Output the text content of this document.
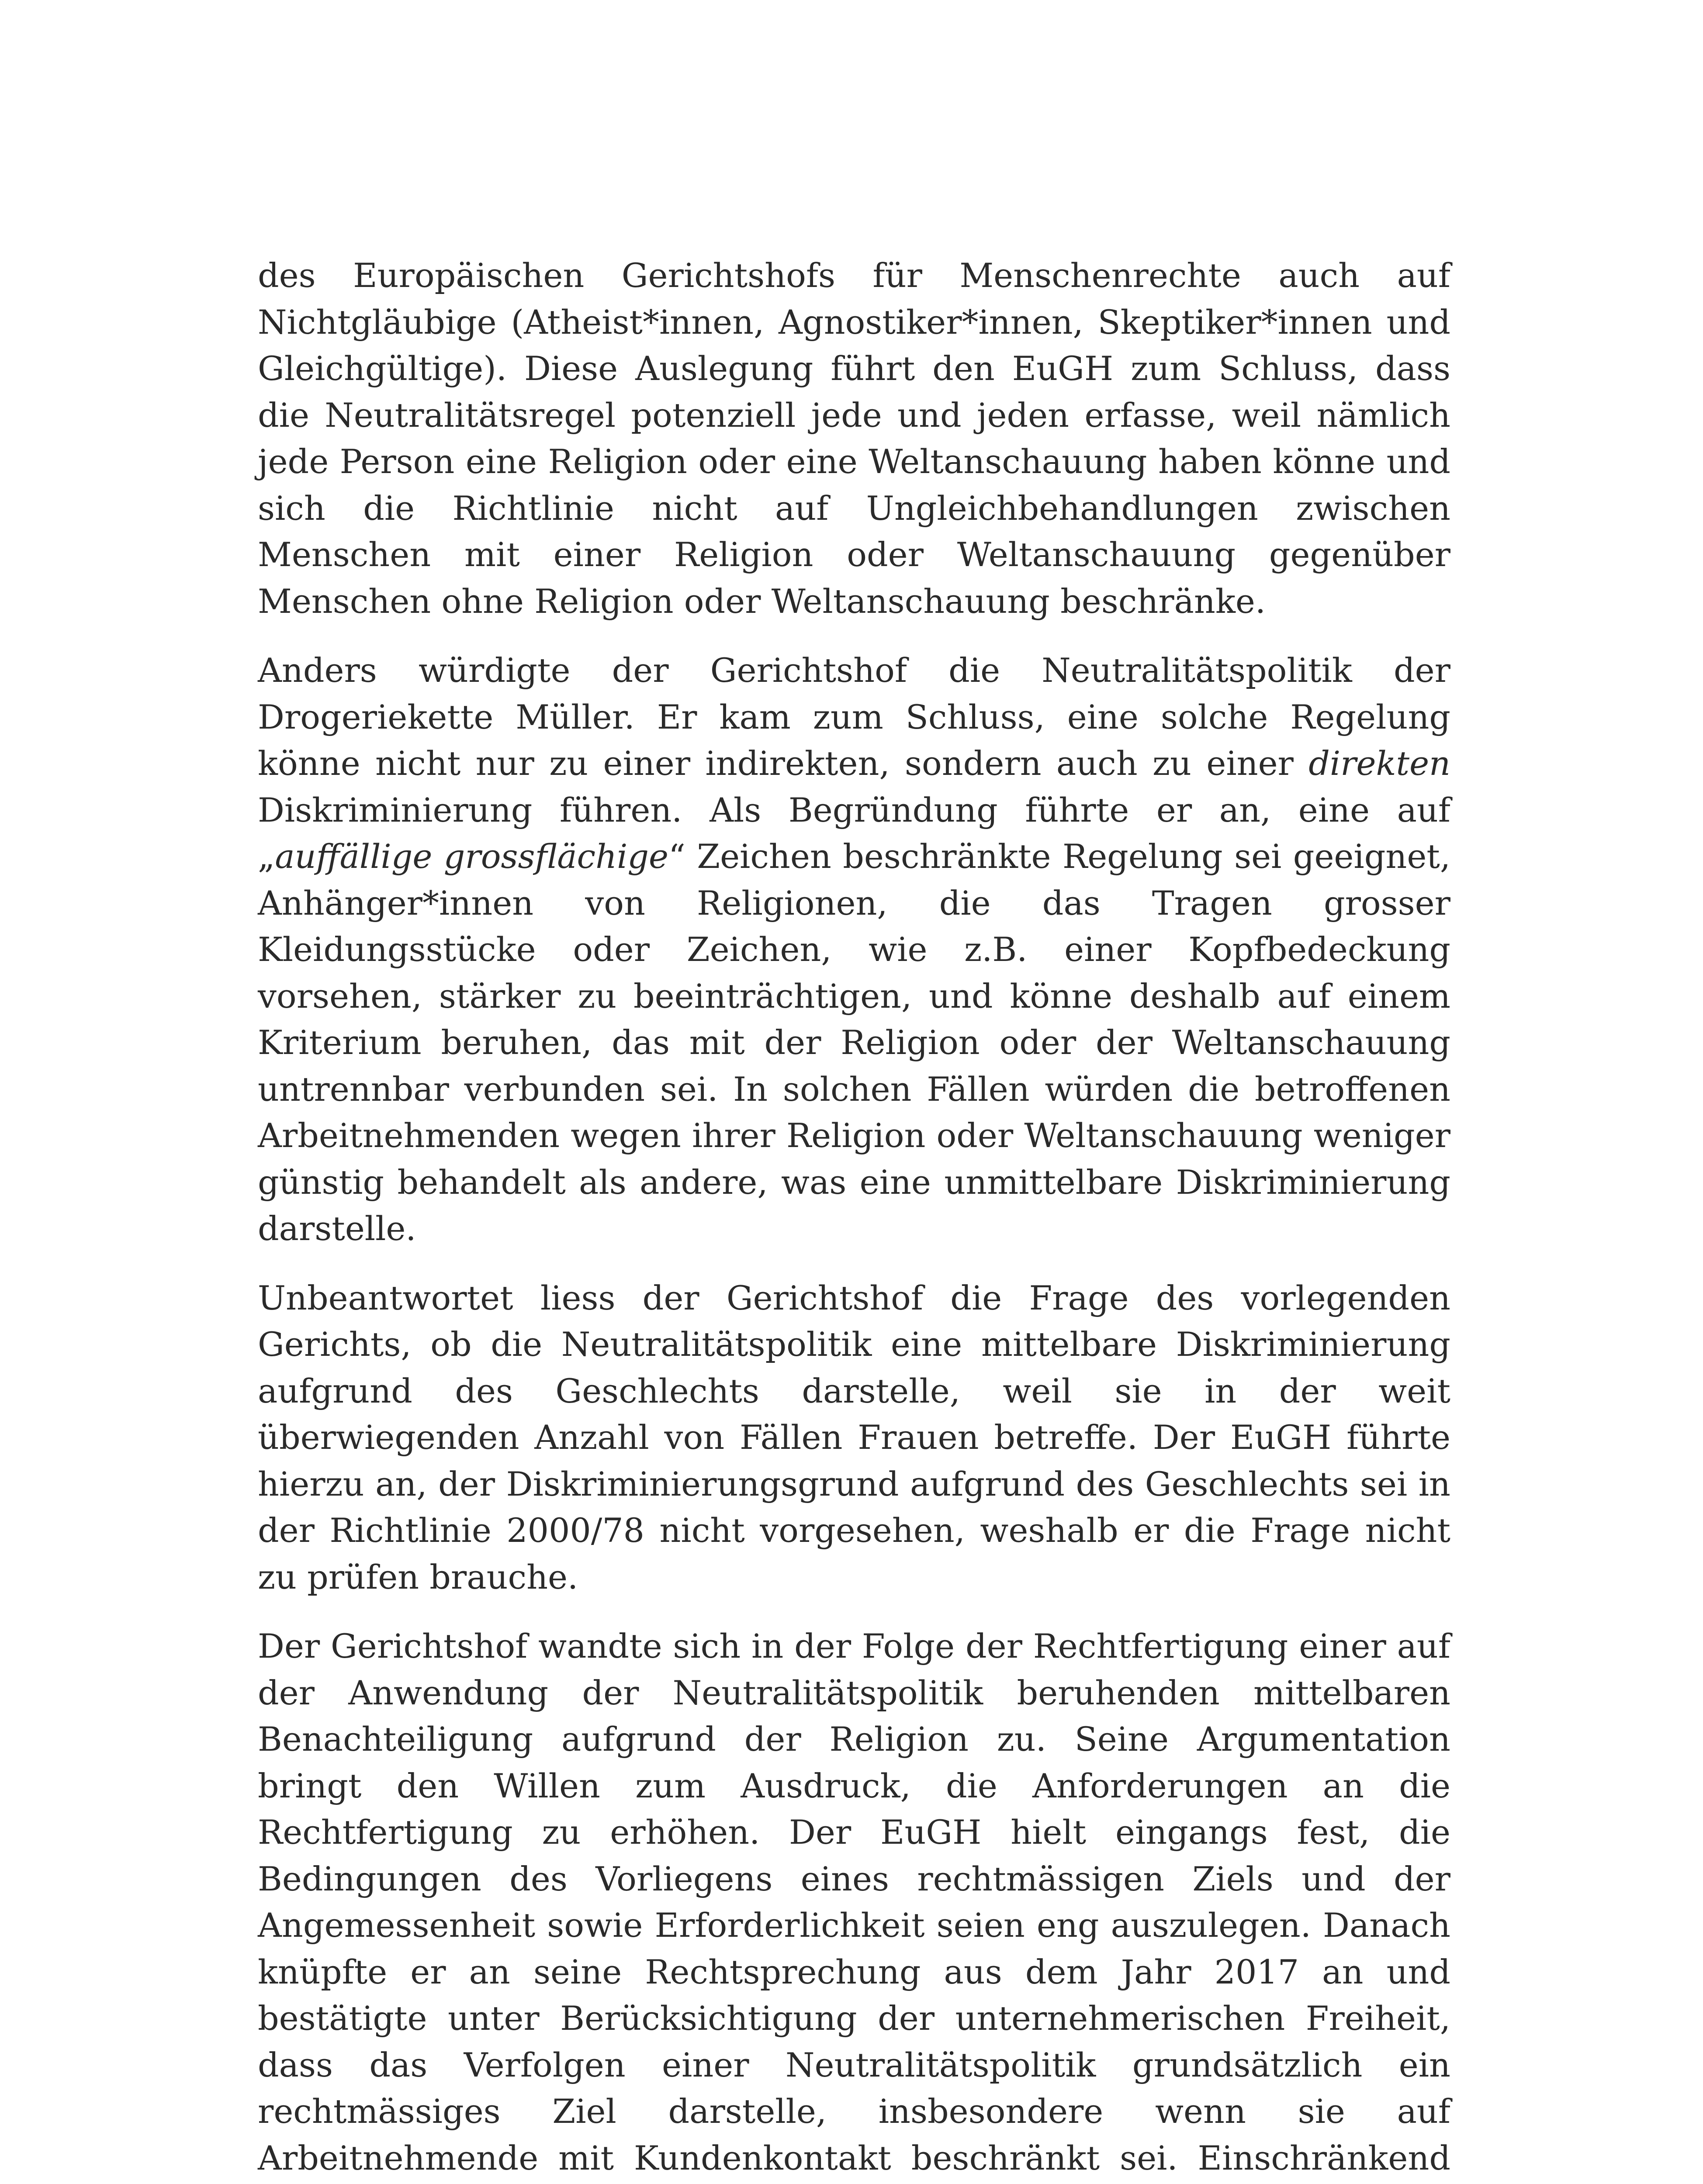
des Europäischen Gerichtshofs für Menschenrechte auch auf Nichtgläubige (Atheist*innen, Agnostiker*innen, Skeptiker*innen und Gleichgültige). Diese Auslegung führt den EuGH zum Schluss, dass die Neutralitätsregel potenziell jede und jeden erfasse, weil nämlich jede Person eine Religion oder eine Weltanschauung haben könne und sich die Richtlinie nicht auf Ungleichbehandlungen zwischen Menschen mit einer Religion oder Weltanschauung gegenüber Menschen ohne Religion oder Weltanschauung beschränke.

Anders würdigte der Gerichtshof die Neutralitätspolitik der Drogeriekette Müller. Er kam zum Schluss, eine solche Regelung könne nicht nur zu einer indirekten, sondern auch zu einer direkten Diskriminierung führen. Als Begründung führte er an, eine auf „auffällige grossflächige“ Zeichen beschränkte Regelung sei geeignet, Anhänger*innen von Religionen, die das Tragen grosser Kleidungsstücke oder Zeichen, wie z.B. einer Kopfbedeckung vorsehen, stärker zu beeinträchtigen, und könne deshalb auf einem Kriterium beruhen, das mit der Religion oder der Weltanschauung untrennbar verbunden sei. In solchen Fällen würden die betroffenen Arbeitnehmenden wegen ihrer Religion oder Weltanschauung weniger günstig behandelt als andere, was eine unmittelbare Diskriminierung darstelle.

Unbeantwortet liess der Gerichtshof die Frage des vorlegenden Gerichts, ob die Neutralitätspolitik eine mittelbare Diskriminierung aufgrund des Geschlechts darstelle, weil sie in der weit überwiegenden Anzahl von Fällen Frauen betreffe. Der EuGH führte hierzu an, der Diskriminierungsgrund aufgrund des Geschlechts sei in der Richtlinie 2000/78 nicht vorgesehen, weshalb er die Frage nicht zu prüfen brauche.

Der Gerichtshof wandte sich in der Folge der Rechtfertigung einer auf der Anwendung der Neutralitätspolitik beruhenden mittelbaren Benachteiligung aufgrund der Religion zu. Seine Argumentation bringt den Willen zum Ausdruck, die Anforderungen an die Rechtfertigung zu erhöhen. Der EuGH hielt eingangs fest, die Bedingungen des Vorliegens eines rechtmässigen Ziels und der Angemessenheit sowie Erforderlichkeit seien eng auszulegen. Danach knüpfte er an seine Rechtsprechung aus dem Jahr 2017 an und bestätigte unter Berücksichtigung der unternehmerischen Freiheit, dass das Verfolgen einer Neutralitätspolitik grundsätzlich ein rechtmässiges Ziel darstelle, insbesondere wenn sie auf Arbeitnehmende mit Kundenkontakt beschränkt sei. Einschränkend
